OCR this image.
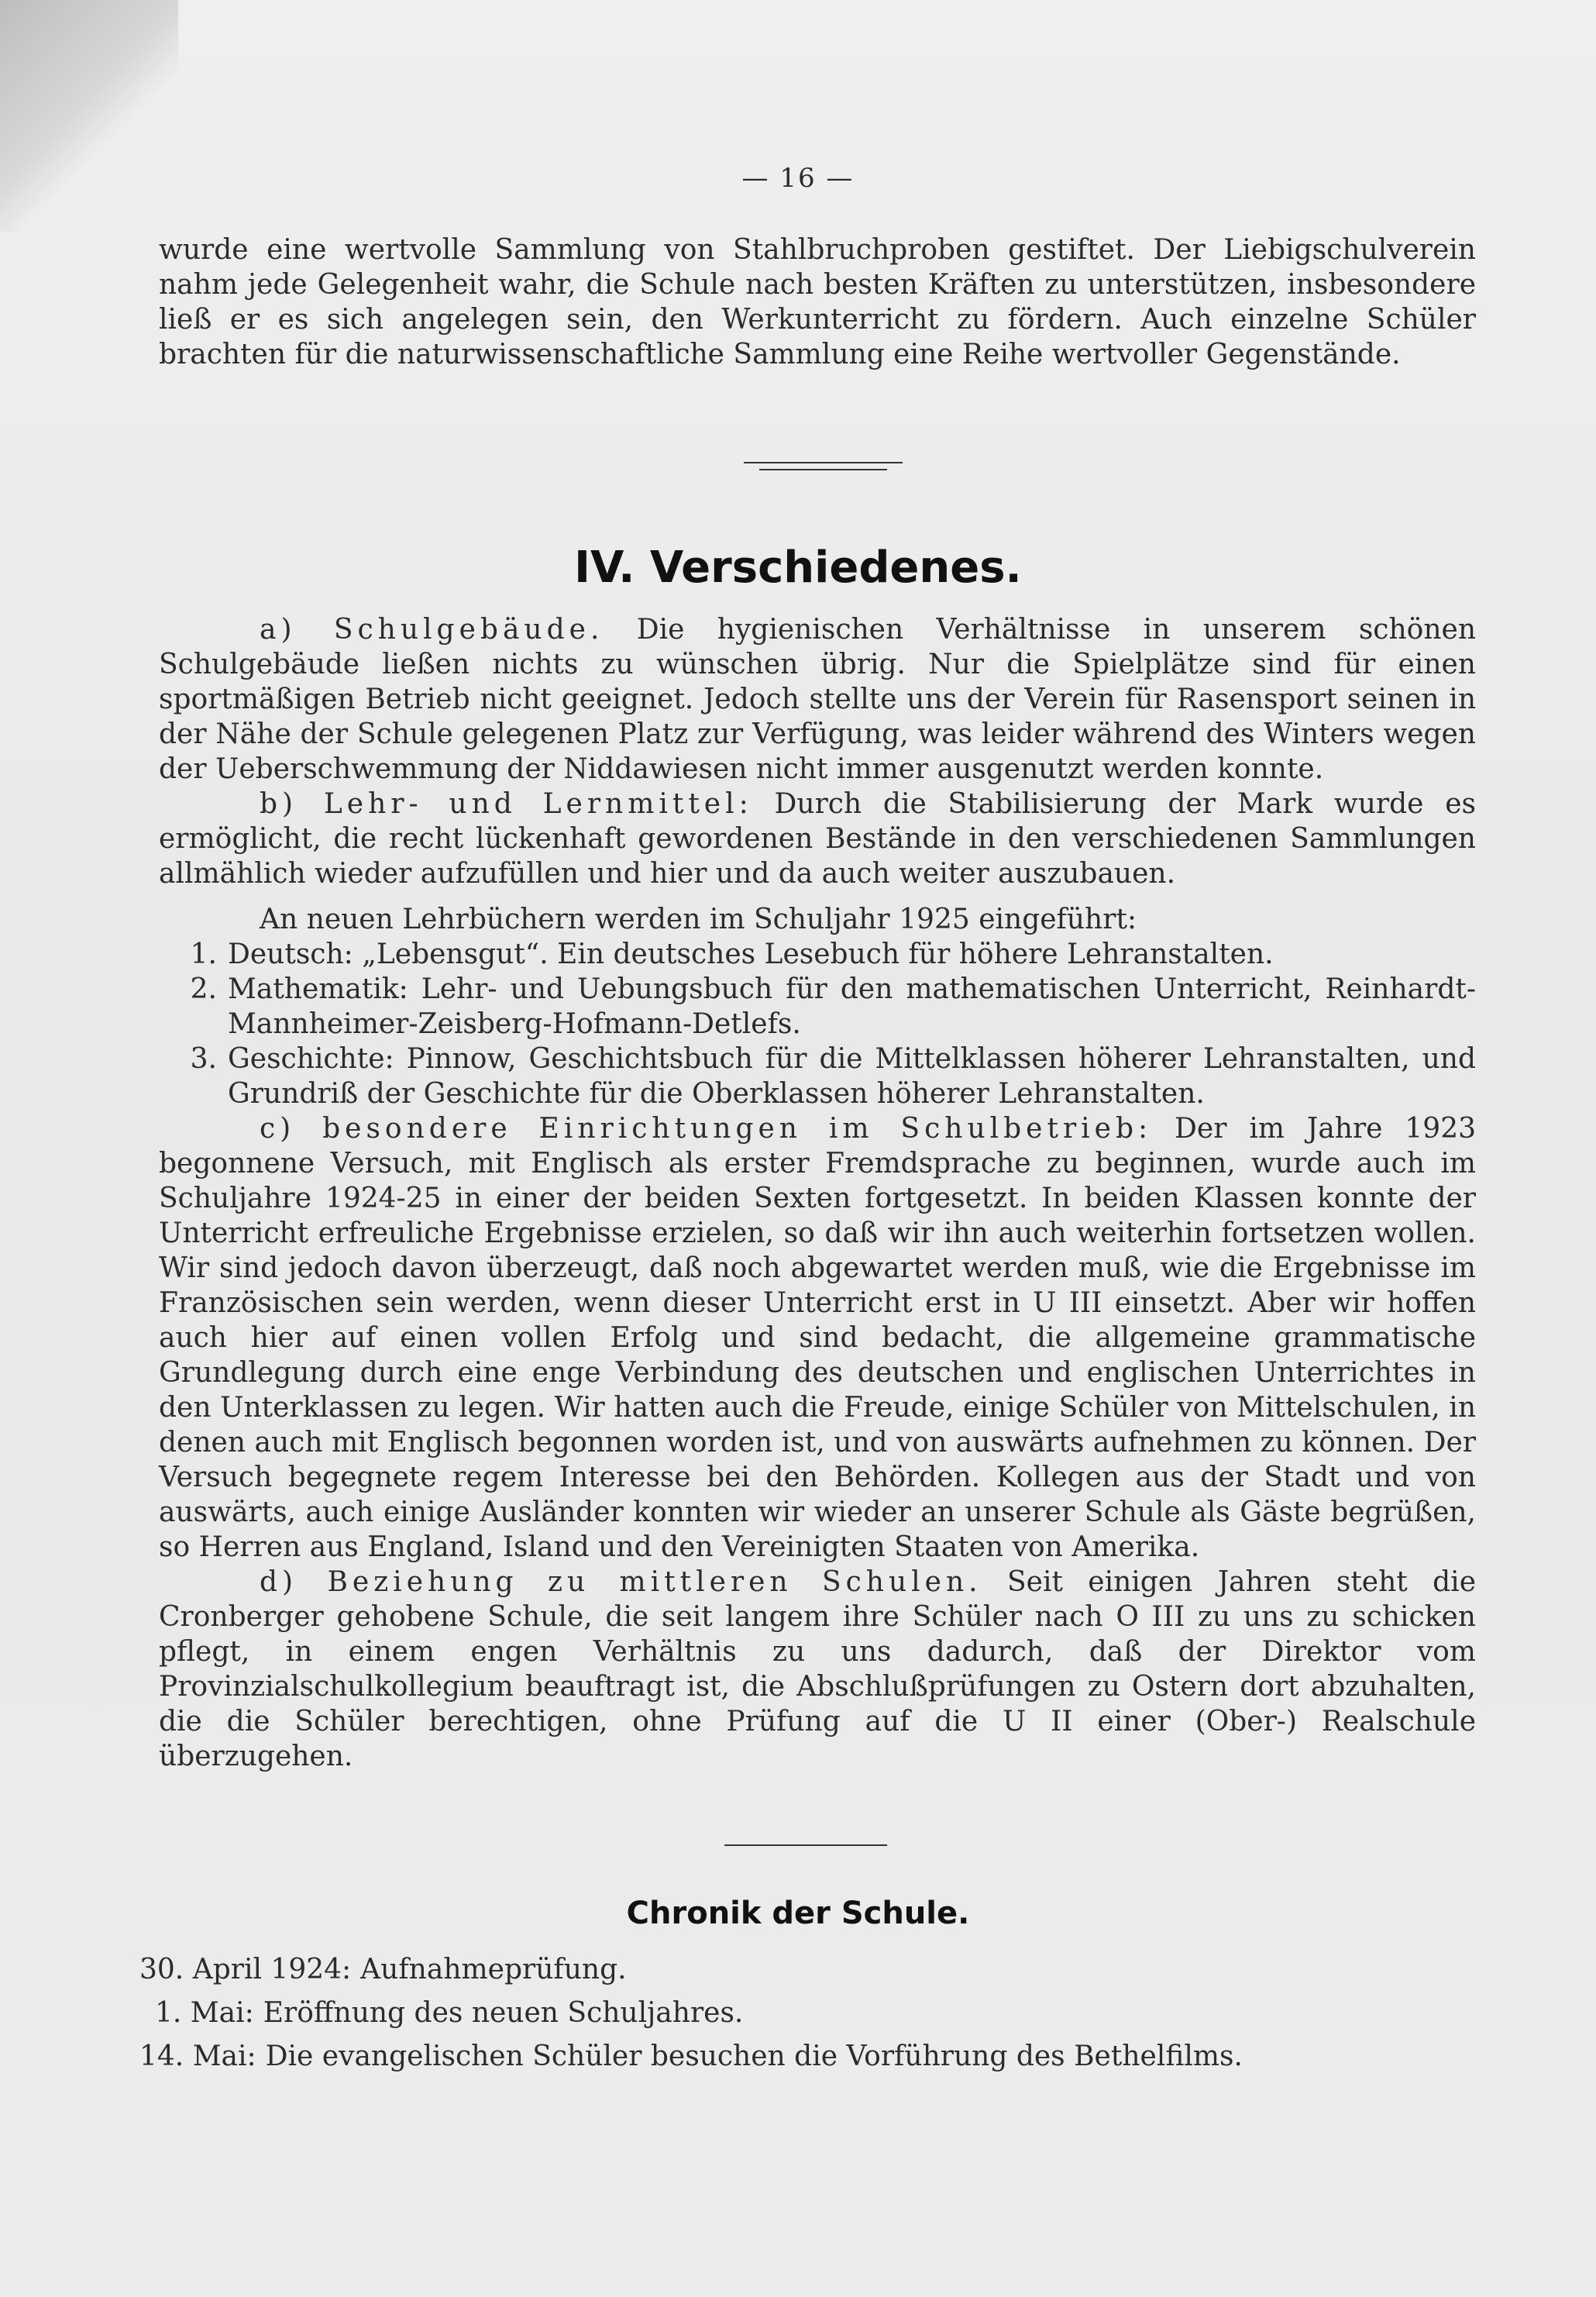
— 16 —

wurde eine wertvolle Sammlung von Stahlbruchproben gestiftet. Der Liebigschulverein nahm jede Gelegenheit wahr, die Schule nach besten Kräften zu unterstützen, insbesondere ließ er es sich angelegen sein, den Werkunterricht zu fördern. Auch einzelne Schüler brachten für die naturwissenschaftliche Sammlung eine Reihe wertvoller Gegenstände.

IV. Verschiedenes.

a) Schulgebäude. Die hygienischen Verhältnisse in unserem schönen Schulgebäude ließen nichts zu wünschen übrig. Nur die Spielplätze sind für einen sportmäßigen Betrieb nicht geeignet. Jedoch stellte uns der Verein für Rasensport seinen in der Nähe der Schule gelegenen Platz zur Verfügung, was leider während des Winters wegen der Ueberschwemmung der Niddawiesen nicht immer ausgenutzt werden konnte.

b) Lehr- und Lernmittel: Durch die Stabilisierung der Mark wurde es ermöglicht, die recht lückenhaft gewordenen Bestände in den verschiedenen Sammlungen allmählich wieder aufzufüllen und hier und da auch weiter auszubauen.

An neuen Lehrbüchern werden im Schuljahr 1925 eingeführt:

1. Deutsch: „Lebensgut“. Ein deutsches Lesebuch für höhere Lehranstalten.
2. Mathematik: Lehr- und Uebungsbuch für den mathematischen Unterricht, Reinhardt-Mannheimer-Zeisberg-Hofmann-Detlefs.
3. Geschichte: Pinnow, Geschichtsbuch für die Mittelklassen höherer Lehranstalten, und Grundriß der Geschichte für die Oberklassen höherer Lehranstalten.

c) besondere Einrichtungen im Schulbetrieb: Der im Jahre 1923 begonnene Versuch, mit Englisch als erster Fremdsprache zu beginnen, wurde auch im Schuljahre 1924-25 in einer der beiden Sexten fortgesetzt. In beiden Klassen konnte der Unterricht erfreuliche Ergebnisse erzielen, so daß wir ihn auch weiterhin fortsetzen wollen. Wir sind jedoch davon überzeugt, daß noch abgewartet werden muß, wie die Ergebnisse im Französischen sein werden, wenn dieser Unterricht erst in U III einsetzt. Aber wir hoffen auch hier auf einen vollen Erfolg und sind bedacht, die allgemeine grammatische Grundlegung durch eine enge Verbindung des deutschen und englischen Unterrichtes in den Unterklassen zu legen. Wir hatten auch die Freude, einige Schüler von Mittelschulen, in denen auch mit Englisch begonnen worden ist, und von auswärts aufnehmen zu können. Der Versuch begegnete regem Interesse bei den Behörden. Kollegen aus der Stadt und von auswärts, auch einige Ausländer konnten wir wieder an unserer Schule als Gäste begrüßen, so Herren aus England, Island und den Vereinigten Staaten von Amerika.

d) Beziehung zu mittleren Schulen. Seit einigen Jahren steht die Cronberger gehobene Schule, die seit langem ihre Schüler nach O III zu uns zu schicken pflegt, in einem engen Verhältnis zu uns dadurch, daß der Direktor vom Provinzialschulkollegium beauftragt ist, die Abschlußprüfungen zu Ostern dort abzuhalten, die die Schüler berechtigen, ohne Prüfung auf die U II einer (Ober-) Realschule überzugehen.

Chronik der Schule.
30. April 1924: Aufnahmeprüfung.
1. Mai: Eröffnung des neuen Schuljahres.
14. Mai: Die evangelischen Schüler besuchen die Vorführung des Bethelfilms.
